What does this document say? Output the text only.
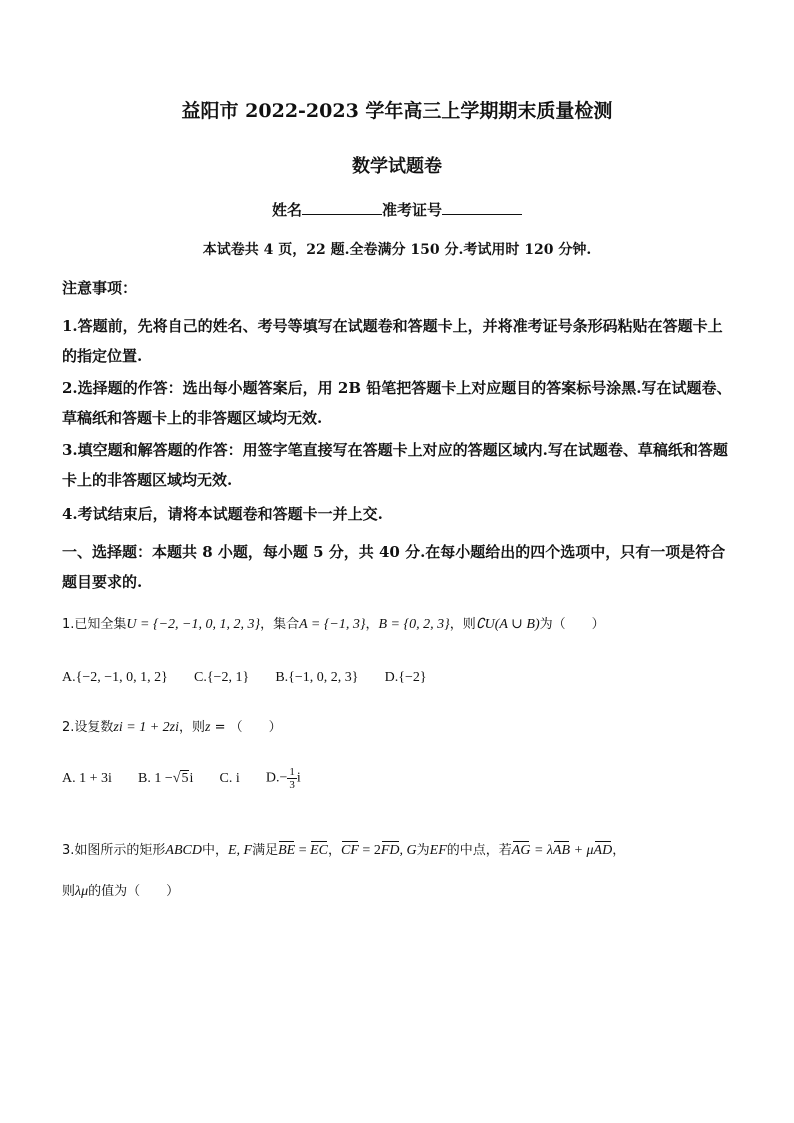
益阳市 2022-2023 学年高三上学期期末质量检测
数学试题卷
姓名	准考证号
本试卷共 4 页，22 题.全卷满分 150 分.考试用时 120 分钟.
注意事项：
1.答题前，先将自己的姓名、考号等填写在试题卷和答题卡上，并将准考证号条形码粘贴在答题卡上的指定位置.
2.选择题的作答：选出每小题答案后，用 2B 铅笔把答题卡上对应题目的答案标号涂黑.写在试题卷、草稿纸和答题卡上的非答题区域均无效.
3.填空题和解答题的作答：用签字笔直接写在答题卡上对应的答题区域内.写在试题卷、草稿纸和答题卡上的非答题区域均无效.
4.考试结束后，请将本试题卷和答题卡一并上交.
一、选择题：本题共 8 小题，每小题 5 分，共 40 分.在每小题给出的四个选项中，只有一项是符合题目要求的.
1.已知全集U = {−2, −1, 0, 1, 2, 3}，集合A = {−1, 3}，B = {0, 2, 3}，则∁U(A ∪ B)为（　　）
A.{−2, −1, 0, 1, 2} C.{−2, 1} B.{−1, 0, 2, 3} D.{−2}
2.设复数zi = 1 + 2zi，则z = （　　）
A. 1 + 3i B. 1 −√5i C. i $D.- \frac{1}{3}$ i
3.如图所示的矩形ABCD中，E, F满足BE = EC，CF = 2FD, G为EF的中点，若AG = λAB + μAD，
则λμ的值为（　　）
